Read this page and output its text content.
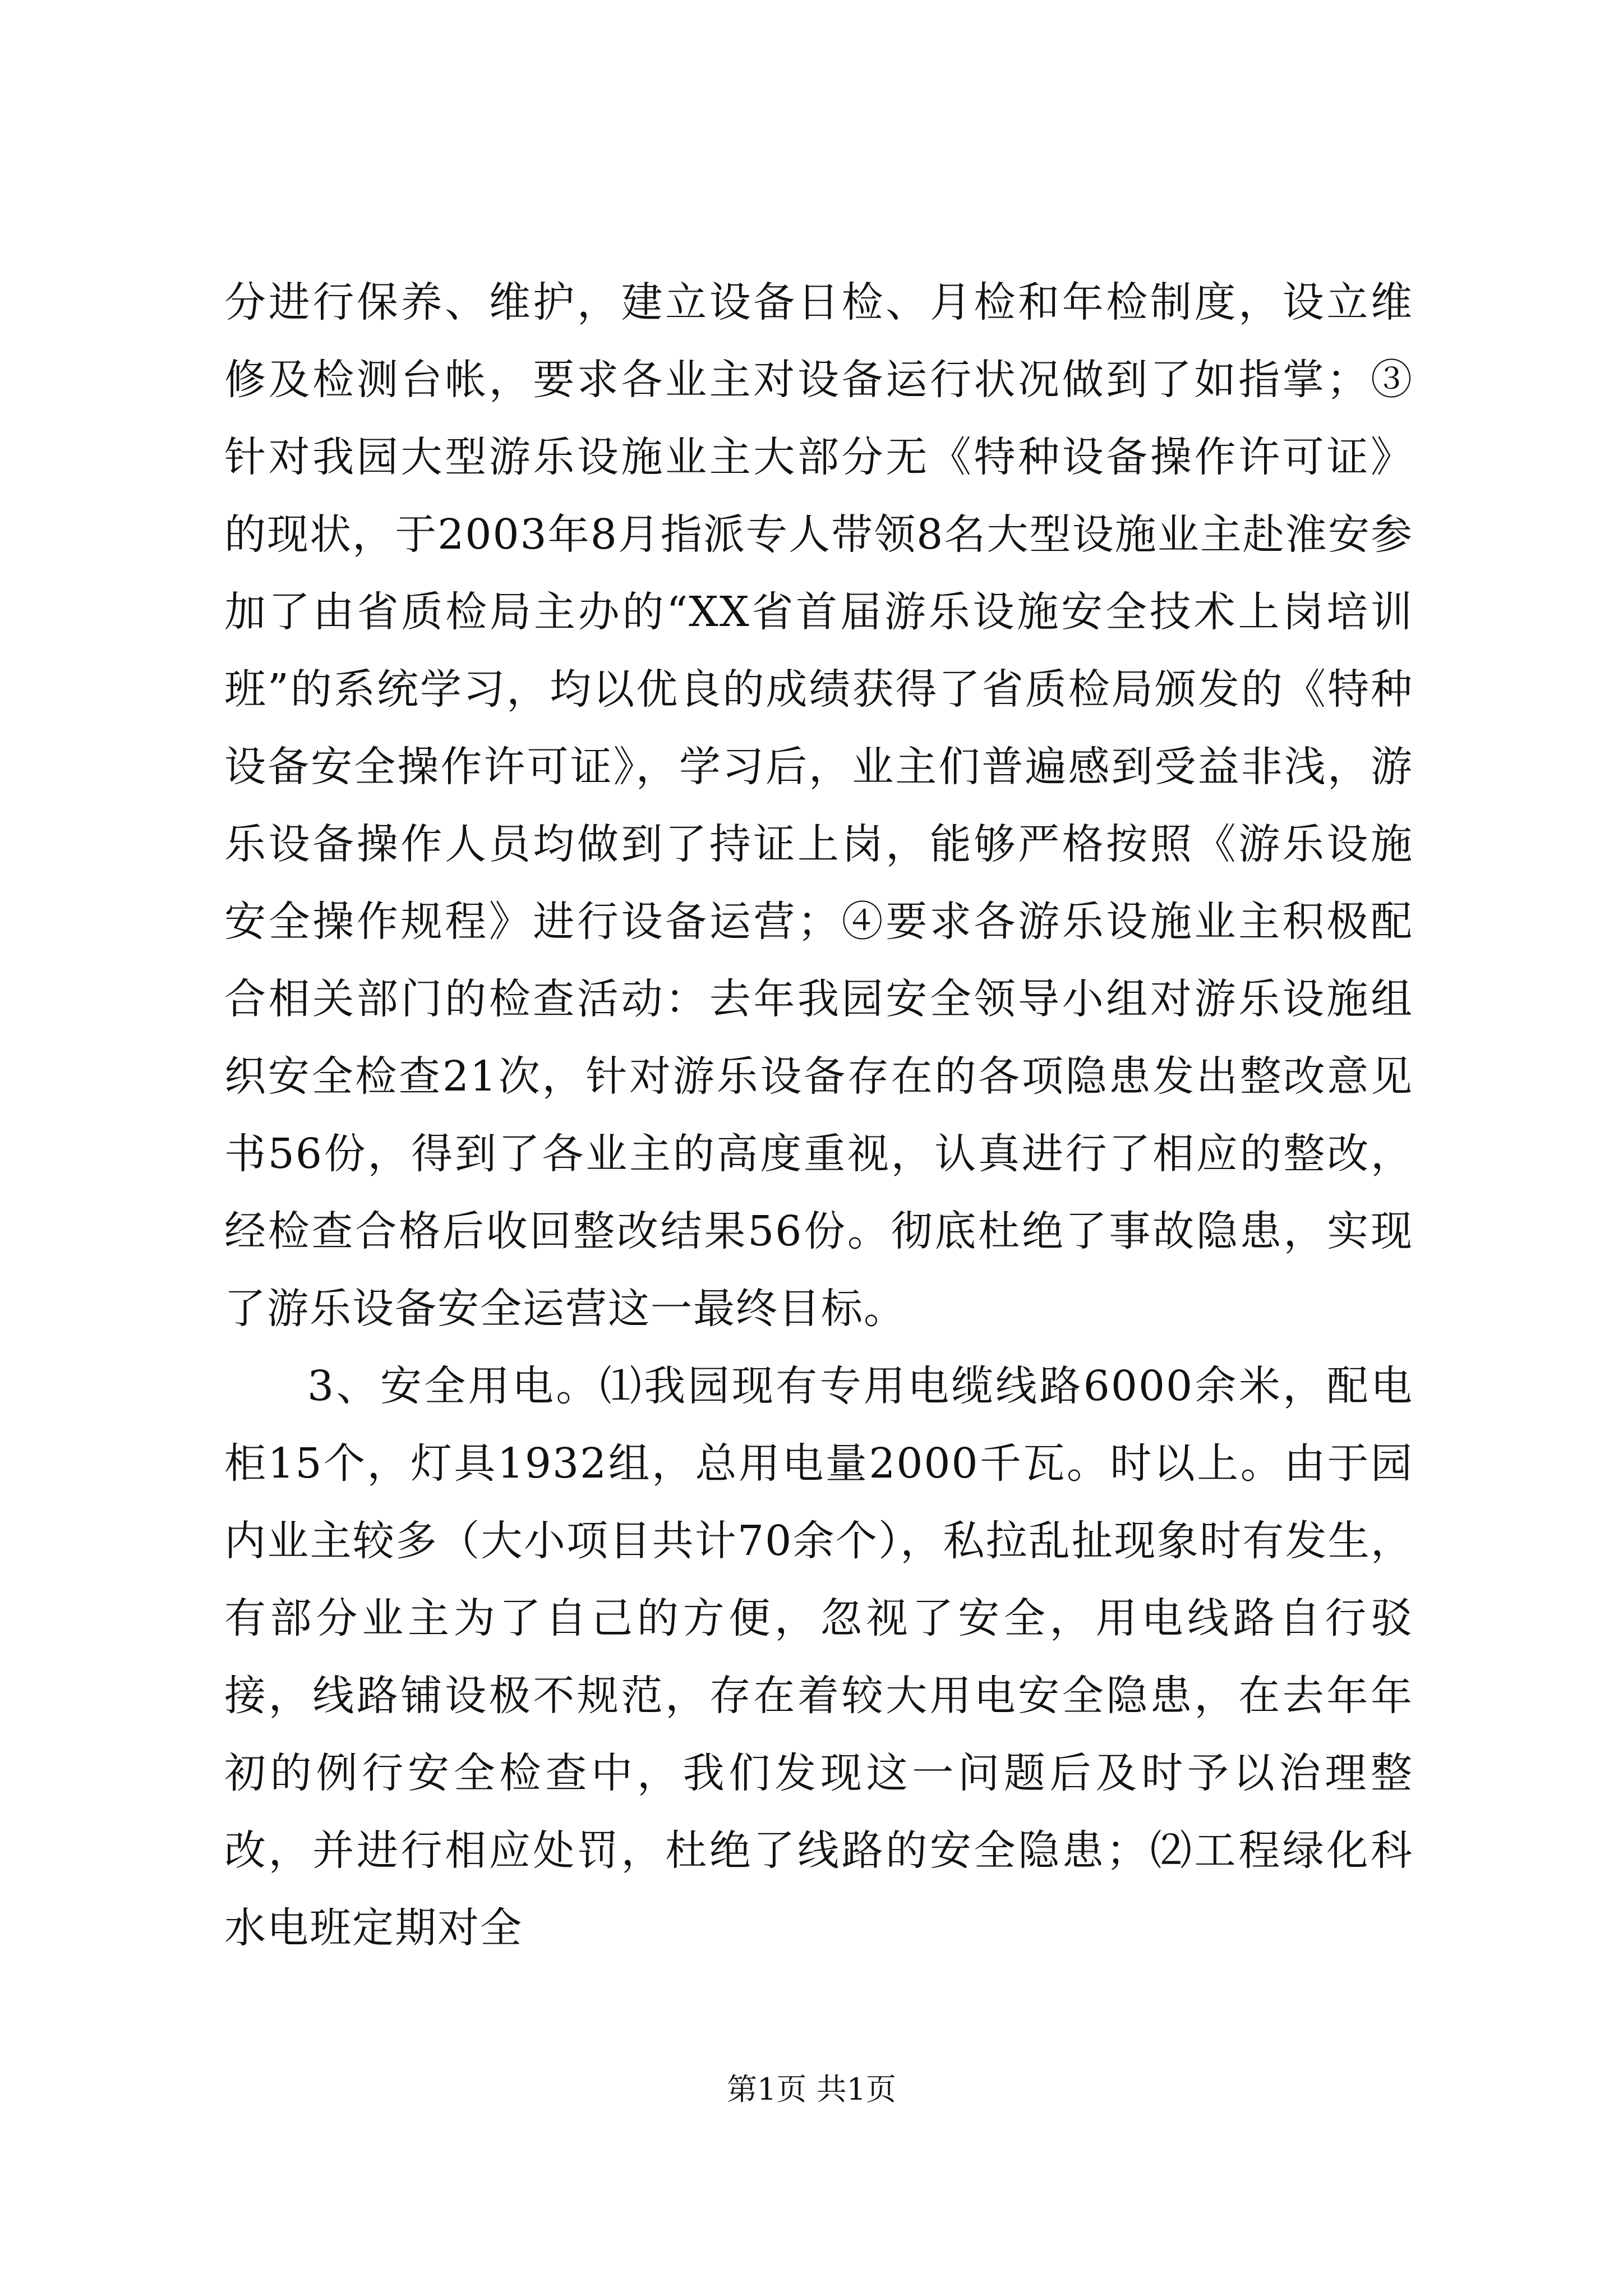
分进行保养、维护，建立设备日检、月检和年检制度，设立维修及检测台帐，要求各业主对设备运行状况做到了如指掌；③针对我园大型游乐设施业主大部分无《特种设备操作许可证》的现状，于2003年8月指派专人带领8名大型设施业主赴淮安参加了由省质检局主办的“XX省首届游乐设施安全技术上岗培训班”的系统学习，均以优良的成绩获得了省质检局颁发的《特种设备安全操作许可证》，学习后，业主们普遍感到受益非浅，游乐设备操作人员均做到了持证上岗，能够严格按照《游乐设施安全操作规程》进行设备运营；④要求各游乐设施业主积极配合相关部门的检查活动：去年我园安全领导小组对游乐设施组织安全检查21次，针对游乐设备存在的各项隐患发出整改意见书56份，得到了各业主的高度重视，认真进行了相应的整改，经检查合格后收回整改结果56份。彻底杜绝了事故隐患，实现了游乐设备安全运营这一最终目标。

3、安全用电。⑴我园现有专用电缆线路6000余米，配电柜15个，灯具1932组，总用电量2000千瓦。时以上。由于园内业主较多（大小项目共计70余个），私拉乱扯现象时有发生，有部分业主为了自己的方便，忽视了安全，用电线路自行驳接，线路铺设极不规范，存在着较大用电安全隐患，在去年年初的例行安全检查中，我们发现这一问题后及时予以治理整改，并进行相应处罚，杜绝了线路的安全隐患；⑵工程绿化科水电班定期对全

第1页 共1页
